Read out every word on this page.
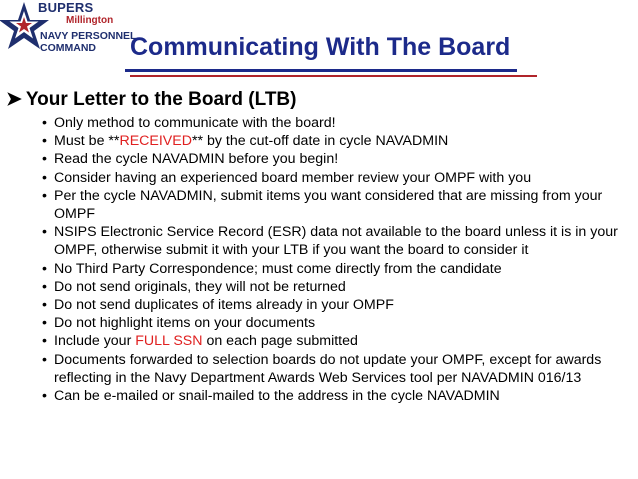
BUPERS
Millington
NAVY PERSONNEL
COMMAND Communicating With The Board
➤ Your Letter to the Board (LTB)
• Only method to communicate with the board!
• Must be **RECEIVED** by the cut-off date in cycle NAVADMIN
• Read the cycle NAVADMIN before you begin!
• Consider having an experienced board member review your OMPF with you
• Per the cycle NAVADMIN, submit items you want considered that are missing from your OMPF
• NSIPS Electronic Service Record (ESR) data not available to the board unless it is in your OMPF, otherwise submit it with your LTB if you want the board to consider it
• No Third Party Correspondence; must come directly from the candidate
• Do not send originals, they will not be returned
• Do not send duplicates of items already in your OMPF
• Do not highlight items on your documents
• Include your FULL SSN on each page submitted
• Documents forwarded to selection boards do not update your OMPF, except for awards reflecting in the Navy Department Awards Web Services tool per NAVADMIN 016/13
• Can be e-mailed or snail-mailed to the address in the cycle NAVADMIN
